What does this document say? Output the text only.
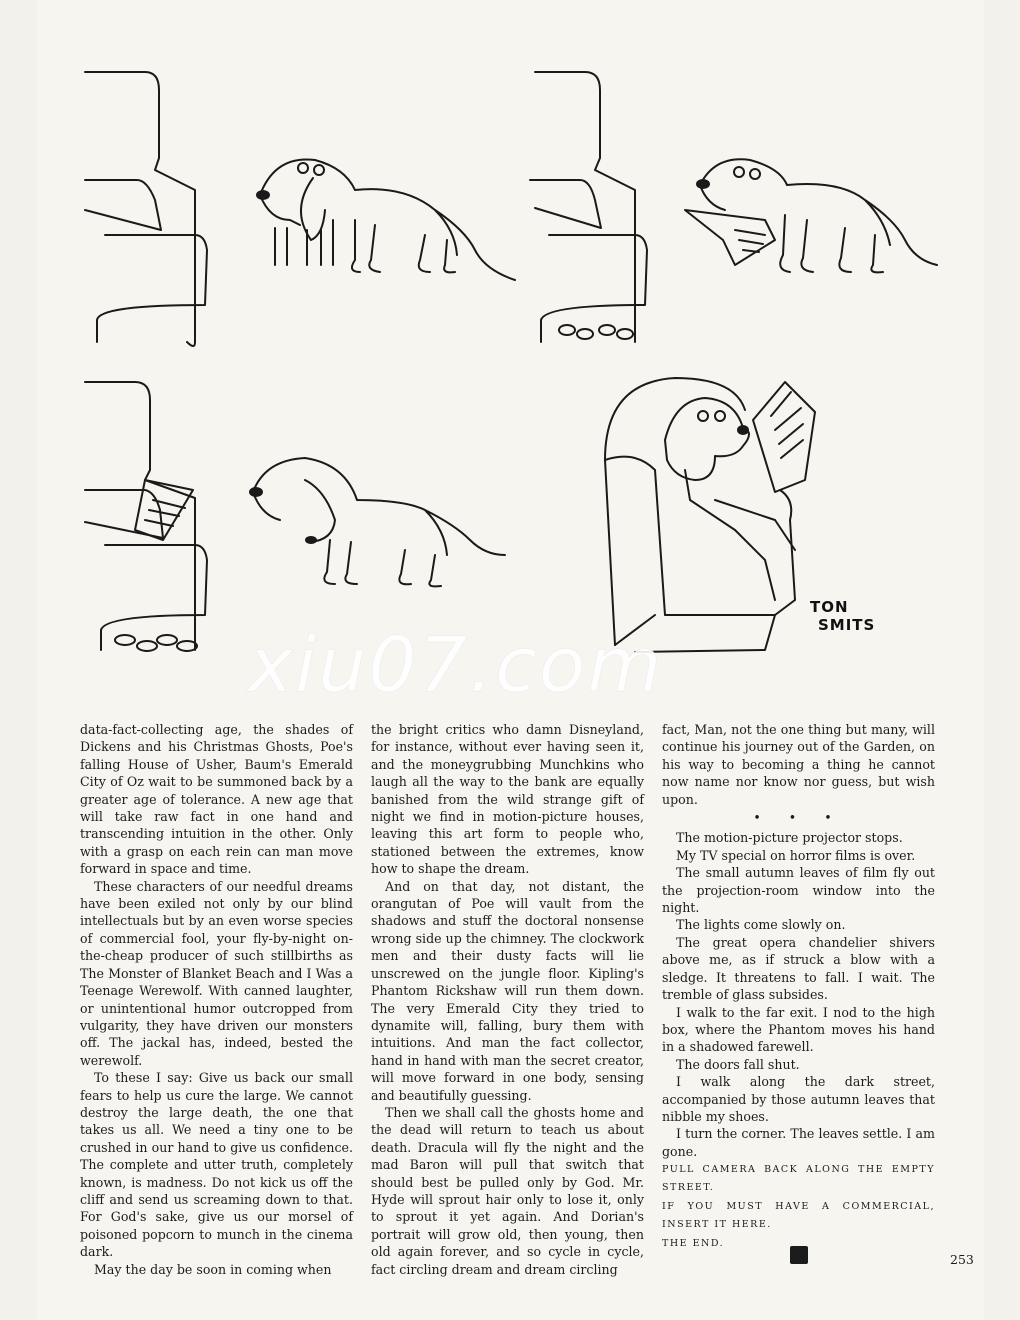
TON
SMITS
xiu07.com

data-fact-collecting age, the shades of Dickens and his Christmas Ghosts, Poe's falling House of Usher, Baum's Emerald City of Oz wait to be summoned back by a greater age of tolerance. A new age that will take raw fact in one hand and transcending intuition in the other. Only with a grasp on each rein can man move forward in space and time.

These characters of our needful dreams have been exiled not only by our blind intellectuals but by an even worse species of commercial fool, your fly-by-night on-the-cheap producer of such stillbirths as The Monster of Blanket Beach and I Was a Teenage Werewolf. With canned laughter, or unintentional humor outcropped from vulgarity, they have driven our monsters off. The jackal has, indeed, bested the werewolf.

To these I say: Give us back our small fears to help us cure the large. We cannot destroy the large death, the one that takes us all. We need a tiny one to be crushed in our hand to give us confidence. The complete and utter truth, completely known, is madness. Do not kick us off the cliff and send us screaming down to that. For God's sake, give us our morsel of poisoned popcorn to munch in the cinema dark.

May the day be soon in coming when

the bright critics who damn Disneyland, for instance, without ever having seen it, and the moneygrubbing Munchkins who laugh all the way to the bank are equally banished from the wild strange gift of night we find in motion-picture houses, leaving this art form to people who, stationed between the extremes, know how to shape the dream.

And on that day, not distant, the orangutan of Poe will vault from the shadows and stuff the doctoral nonsense wrong side up the chimney. The clockwork men and their dusty facts will lie unscrewed on the jungle floor. Kipling's Phantom Rickshaw will run them down. The very Emerald City they tried to dynamite will, falling, bury them with intuitions. And man the fact collector, hand in hand with man the secret creator, will move forward in one body, sensing and beautifully guessing.

Then we shall call the ghosts home and the dead will return to teach us about death. Dracula will fly the night and the mad Baron will pull that switch that should best be pulled only by God. Mr. Hyde will sprout hair only to lose it, only to sprout it yet again. And Dorian's portrait will grow old, then young, then old again forever, and so cycle in cycle, fact circling dream and dream circling

fact, Man, not the one thing but many, will continue his journey out of the Garden, on his way to becoming a thing he cannot now name nor know nor guess, but wish upon.

• • •

The motion-picture projector stops.

My TV special on horror films is over.

The small autumn leaves of film fly out the projection-room window into the night.

The lights come slowly on.

The great opera chandelier shivers above me, as if struck a blow with a sledge. It threatens to fall. I wait. The tremble of glass subsides.

I walk to the far exit. I nod to the high box, where the Phantom moves his hand in a shadowed farewell.

The doors fall shut.

I walk along the dark street, accompanied by those autumn leaves that nibble my shoes.

I turn the corner. The leaves settle. I am gone.

PULL CAMERA BACK ALONG THE EMPTY STREET.

IF YOU MUST HAVE A COMMERCIAL, INSERT IT HERE.

THE END.

253
